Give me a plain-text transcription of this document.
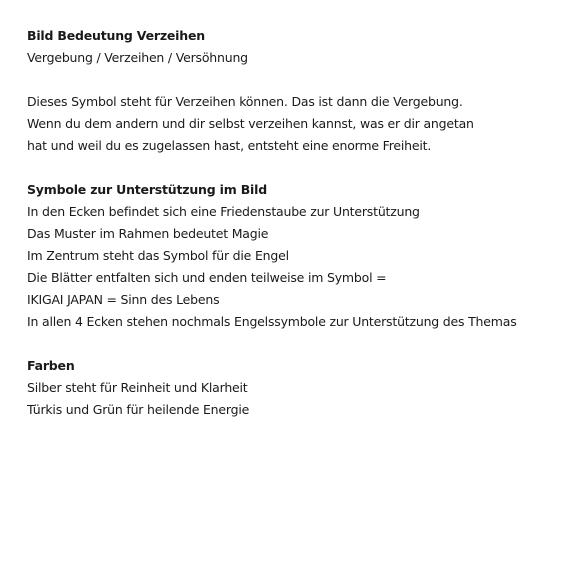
Bild Bedeutung Verzeihen
Vergebung / Verzeihen / Versöhnung
Dieses Symbol steht für Verzeihen können. Das ist dann die Vergebung.
Wenn du dem andern und dir selbst verzeihen kannst, was er dir angetan
hat und weil du es zugelassen hast, entsteht eine enorme Freiheit.
Symbole zur Unterstützung im Bild
In den Ecken befindet sich eine Friedenstaube zur Unterstützung
Das Muster im Rahmen bedeutet Magie
Im Zentrum steht das Symbol für die Engel
Die Blätter entfalten sich und enden teilweise im Symbol =
IKIGAI JAPAN = Sinn des Lebens
In allen 4 Ecken stehen nochmals Engelssymbole zur Unterstützung des Themas
Farben
Silber steht für Reinheit und Klarheit
Türkis und Grün für heilende Energie
